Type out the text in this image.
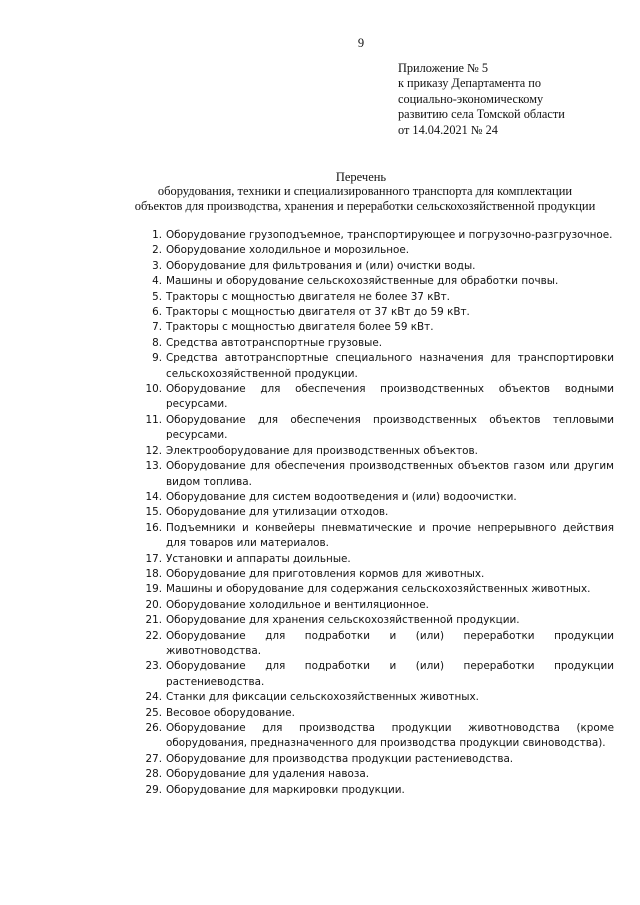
9
Приложение № 5
к приказу Департамента по
социально-экономическому
развитию села Томской области
от 14.04.2021 № 24
Перечень
оборудования, техники и специализированного транспорта для комплектации
объектов для производства, хранения и переработки сельскохозяйственной продукции
1. Оборудование грузоподъемное, транспортирующее и погрузочно-разгрузочное.
2. Оборудование холодильное и морозильное.
3. Оборудование для фильтрования и (или) очистки воды.
4. Машины и оборудование сельскохозяйственные для обработки почвы.
5. Тракторы с мощностью двигателя не более 37 кВт.
6. Тракторы с мощностью двигателя от 37 кВт до 59 кВт.
7. Тракторы с мощностью двигателя более 59 кВт.
8. Средства автотранспортные грузовые.
9. Средства автотранспортные специального назначения для транспортировки сельскохозяйственной продукции.
10. Оборудование для обеспечения производственных объектов водными ресурсами.
11. Оборудование для обеспечения производственных объектов тепловыми ресурсами.
12. Электрооборудование для производственных объектов.
13. Оборудование для обеспечения производственных объектов газом или другим видом топлива.
14. Оборудование для систем водоотведения и (или) водоочистки.
15. Оборудование для утилизации отходов.
16. Подъемники и конвейеры пневматические и прочие непрерывного действия для товаров или материалов.
17. Установки и аппараты доильные.
18. Оборудование для приготовления кормов для животных.
19. Машины и оборудование для содержания сельскохозяйственных животных.
20. Оборудование холодильное и вентиляционное.
21. Оборудование для хранения сельскохозяйственной продукции.
22. Оборудование для подработки и (или) переработки продукции животноводства.
23. Оборудование для подработки и (или) переработки продукции растениеводства.
24. Станки для фиксации сельскохозяйственных животных.
25. Весовое оборудование.
26. Оборудование для производства продукции животноводства (кроме оборудования, предназначенного для производства продукции свиноводства).
27. Оборудование для производства продукции растениеводства.
28. Оборудование для удаления навоза.
29. Оборудование для маркировки продукции.
